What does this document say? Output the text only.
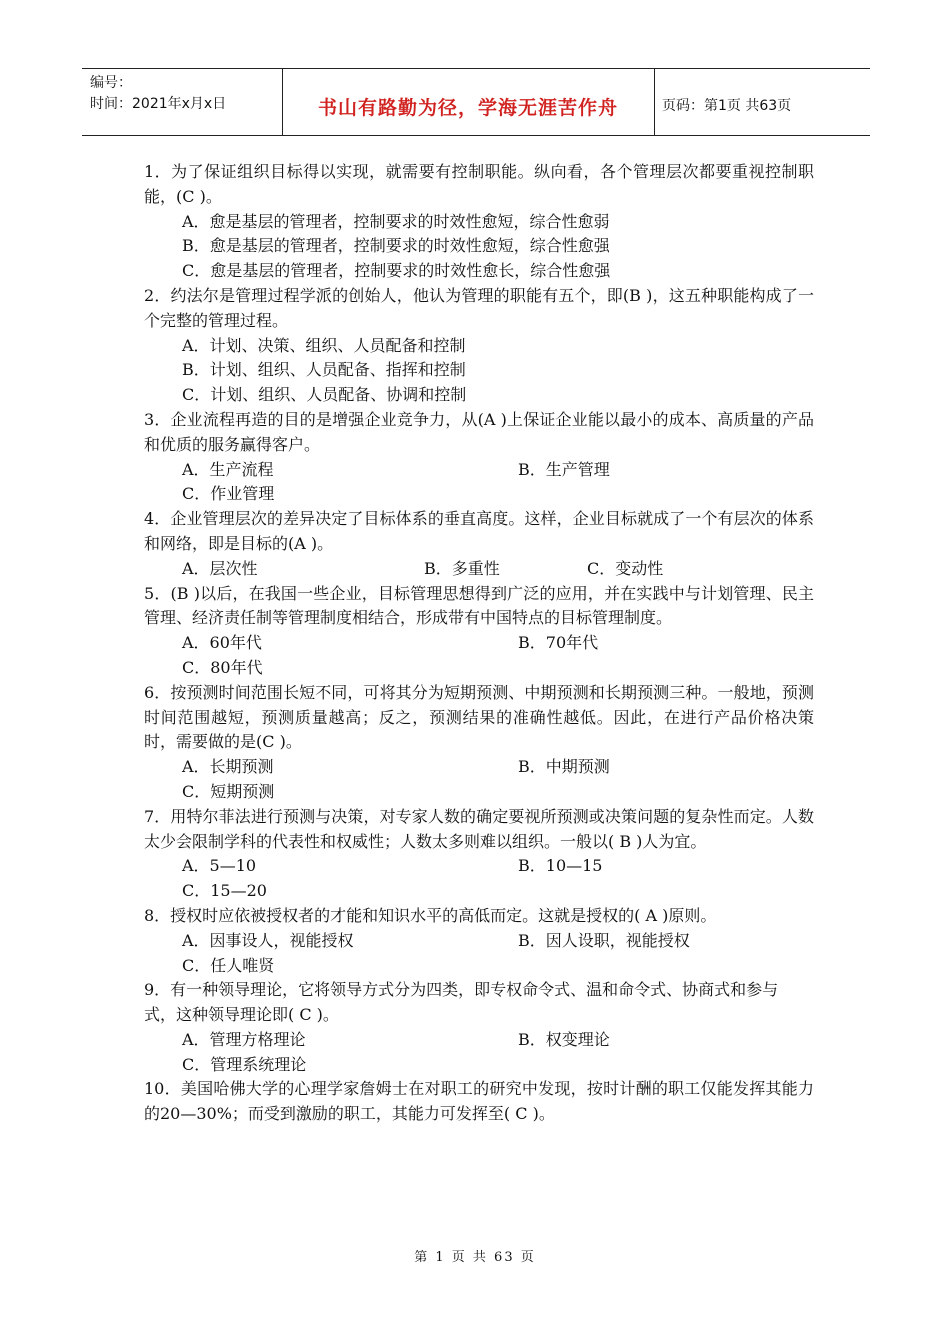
编号：
时间：2021年x月x日	书山有路勤为径，学海无涯苦作舟	页码：第1页 共63页

1．为了保证组织目标得以实现，就需要有控制职能。纵向看，各个管理层次都要重视控制职能，(C )。

A．愈是基层的管理者，控制要求的时效性愈短，综合性愈弱
B．愈是基层的管理者，控制要求的时效性愈短，综合性愈强
C．愈是基层的管理者，控制要求的时效性愈长，综合性愈强

2．约法尔是管理过程学派的创始人，他认为管理的职能有五个，即(B )，这五种职能构成了一个完整的管理过程。

A．计划、决策、组织、人员配备和控制
B．计划、组织、人员配备、指挥和控制
C．计划、组织、人员配备、协调和控制

3．企业流程再造的目的是增强企业竞争力，从(A )上保证企业能以最小的成本、高质量的产品和优质的服务赢得客户。

A．生产流程	B．生产管理
C．作业管理

4．企业管理层次的差异决定了目标体系的垂直高度。这样，企业目标就成了一个有层次的体系和网络，即是目标的(A )。

A．层次性	B．多重性	C．变动性

5．(B )以后，在我国一些企业，目标管理思想得到广泛的应用，并在实践中与计划管理、民主管理、经济责任制等管理制度相结合，形成带有中国特点的目标管理制度。

A．60年代	B．70年代
C．80年代

6．按预测时间范围长短不同，可将其分为短期预测、中期预测和长期预测三种。一般地，预测时间范围越短，预测质量越高；反之，预测结果的准确性越低。因此，在进行产品价格决策时，需要做的是(C )。

A．长期预测	B．中期预测
C．短期预测

7．用特尔菲法进行预测与决策，对专家人数的确定要视所预测或决策问题的复杂性而定。人数太少会限制学科的代表性和权威性；人数太多则难以组织。一般以( B )人为宜。

A．5—10	B．10—15
C．15—20

8．授权时应依被授权者的才能和知识水平的高低而定。这就是授权的( A )原则。

A．因事设人，视能授权	B．因人设职，视能授权
C．任人唯贤

9．有一种领导理论，它将领导方式分为四类，即专权命令式、温和命令式、协商式和参与

式，这种领导理论即( C )。

A．管理方格理论	B．权变理论
C．管理系统理论

10．美国哈佛大学的心理学家詹姆士在对职工的研究中发现，按时计酬的职工仅能发挥其能力的20—30%；而受到激励的职工，其能力可发挥至( C )。

第 1 页 共 63 页
